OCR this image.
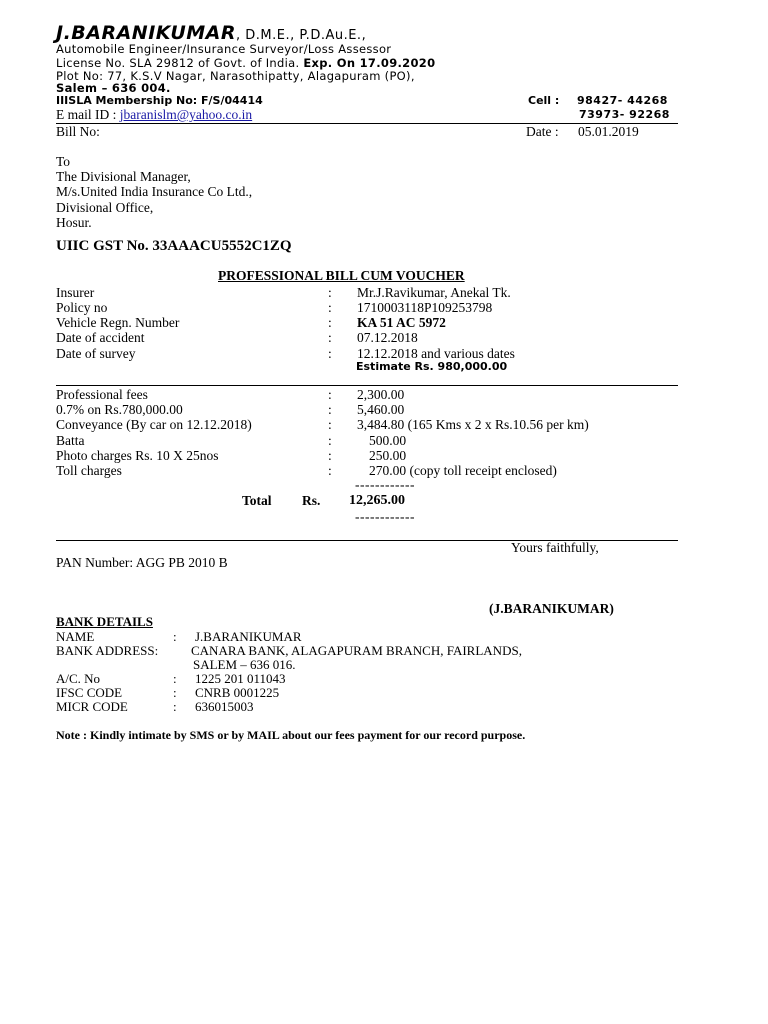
J.BARANIKUMAR, D.M.E., P.D.Au.E.,
Automobile Engineer/Insurance Surveyor/Loss Assessor
License No. SLA 29812 of Govt. of India. Exp. On 17.09.2020
Plot No: 77, K.S.V Nagar, Narasothipatty, Alagapuram (PO),
Salem – 636 004.
IIISLA Membership No: F/S/04414	Cell : 98427- 44268
E mail ID : jbaranislm@yahoo.co.in	73973- 92268
Bill No:	Date : 05.01.2019
To
The Divisional Manager,
M/s.United India Insurance Co Ltd.,
Divisional Office,
Hosur.
UIIC GST No. 33AAACU5552C1ZQ
PROFESSIONAL BILL CUM VOUCHER
Insurer	: Mr.J.Ravikumar, Anekal Tk.
Policy no	: 1710003118P109253798
Vehicle Regn. Number	: KA 51 AC 5972
Date of accident	: 07.12.2018
Date of survey	: 12.12.2018 and various dates
Estimate Rs. 980,000.00
Professional fees	: 2,300.00
0.7% on Rs.780,000.00	: 5,460.00
Conveyance (By car on 12.12.2018)	: 3,484.80 (165 Kms x 2 x Rs.10.56 per km)
Batta	:	500.00
Photo charges Rs. 10 X 25nos	:	250.00
Toll charges	:	270.00 (copy toll receipt enclosed)
------------
Total Rs. 12,265.00
------------
Yours faithfully,
PAN Number: AGG PB 2010 B
(J.BARANIKUMAR)
BANK DETAILS
NAME	: J.BARANIKUMAR
BANK ADDRESS:	CANARA BANK, ALAGAPURAM BRANCH, FAIRLANDS,
SALEM – 636 016.
A/C. No	: 1225 201 011043
IFSC CODE	: CNRB 0001225
MICR CODE	: 636015003
Note : Kindly intimate by SMS or by MAIL about our fees payment for our record purpose.
